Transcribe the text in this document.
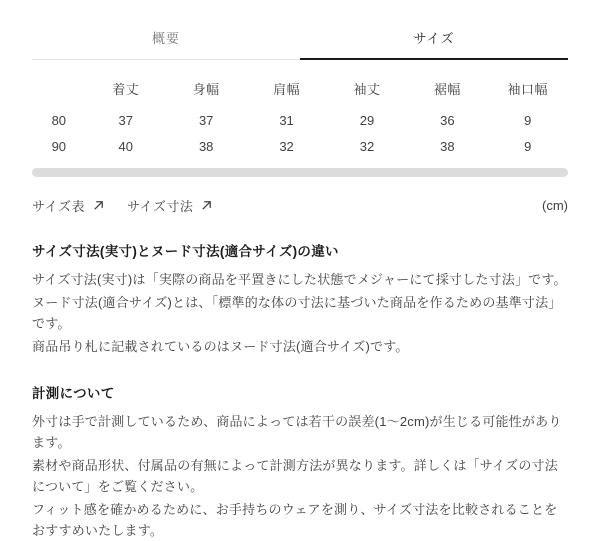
概要	サイズ
	着丈	身幅	肩幅	袖丈	裾幅	袖口幅
80	37	37	31	29	36	9
90	40	38	32	32	38	9
サイズ表	サイズ寸法	(cm)
サイズ寸法(実寸)とヌード寸法(適合サイズ)の違い

サイズ寸法(実寸)は「実際の商品を平置きにした状態でメジャーにて採寸した寸法」です。

ヌード寸法(適合サイズ)とは、「標準的な体の寸法に基づいた商品を作るための基準寸法」です。

商品吊り札に記載されているのはヌード寸法(適合サイズ)です。

計測について

外寸は手で計測しているため、商品によっては若干の誤差(1〜2cm)が生じる可能性があります。

素材や商品形状、付属品の有無によって計測方法が異なります。詳しくは「サイズの寸法について」をご覧ください。

フィット感を確かめるために、お手持ちのウェアを測り、サイズ寸法を比較されることをおすすめいたします。
